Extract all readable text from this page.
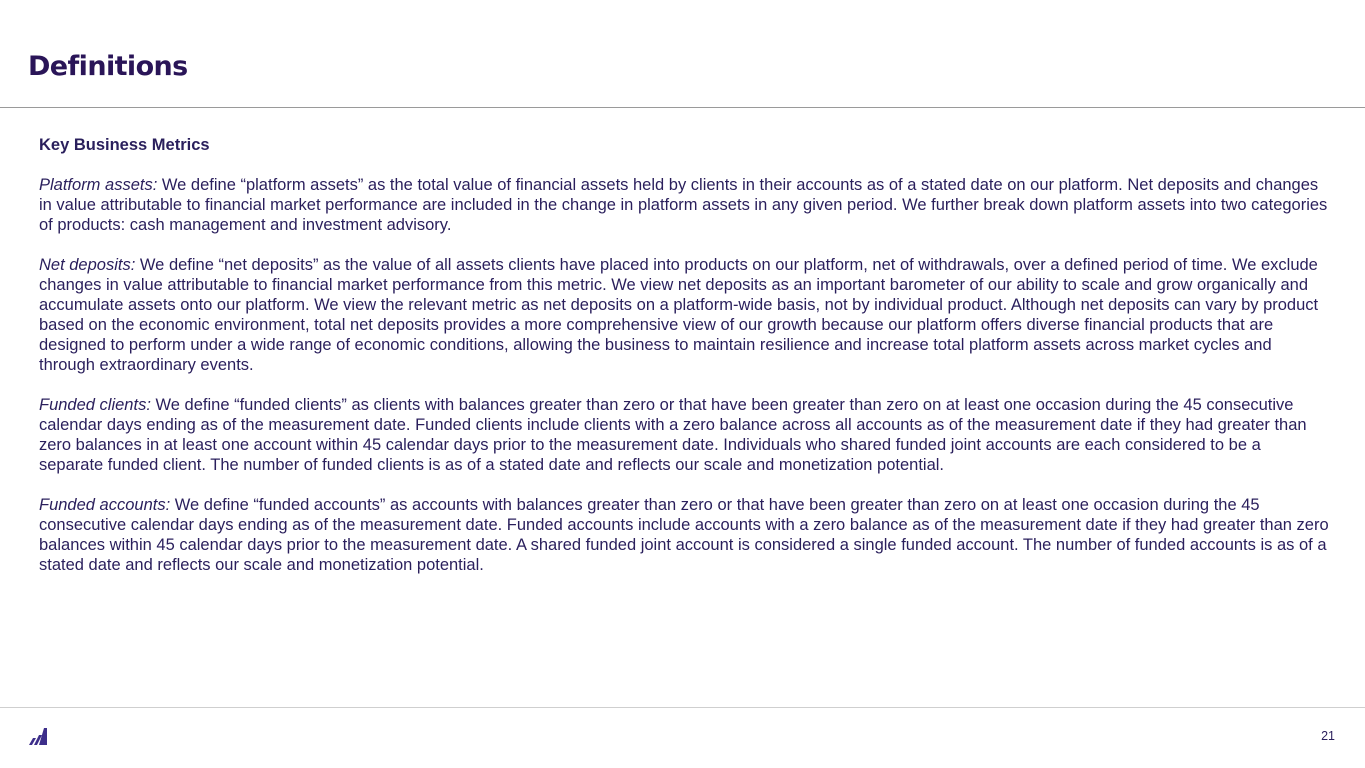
Definitions
Key Business Metrics

Platform assets: We define “platform assets” as the total value of financial assets held by clients in their accounts as of a stated date on our platform. Net deposits and changes in value attributable to financial market performance are included in the change in platform assets in any given period. We further break down platform assets into two categories of products: cash management and investment advisory.

Net deposits: We define “net deposits” as the value of all assets clients have placed into products on our platform, net of withdrawals, over a defined period of time. We exclude changes in value attributable to financial market performance from this metric. We view net deposits as an important barometer of our ability to scale and grow organically and accumulate assets onto our platform. We view the relevant metric as net deposits on a platform-wide basis, not by individual product. Although net deposits can vary by product based on the economic environment, total net deposits provides a more comprehensive view of our growth because our platform offers diverse financial products that are designed to perform under a wide range of economic conditions, allowing the business to maintain resilience and increase total platform assets across market cycles and through extraordinary events.

Funded clients: We define “funded clients” as clients with balances greater than zero or that have been greater than zero on at least one occasion during the 45 consecutive calendar days ending as of the measurement date. Funded clients include clients with a zero balance across all accounts as of the measurement date if they had greater than zero balances in at least one account within 45 calendar days prior to the measurement date. Individuals who shared funded joint accounts are each considered to be a separate funded client. The number of funded clients is as of a stated date and reflects our scale and monetization potential.

Funded accounts: We define “funded accounts” as accounts with balances greater than zero or that have been greater than zero on at least one occasion during the 45 consecutive calendar days ending as of the measurement date. Funded accounts include accounts with a zero balance as of the measurement date if they had greater than zero balances within 45 calendar days prior to the measurement date. A shared funded joint account is considered a single funded account. The number of funded accounts is as of a stated date and reflects our scale and monetization potential.

21
